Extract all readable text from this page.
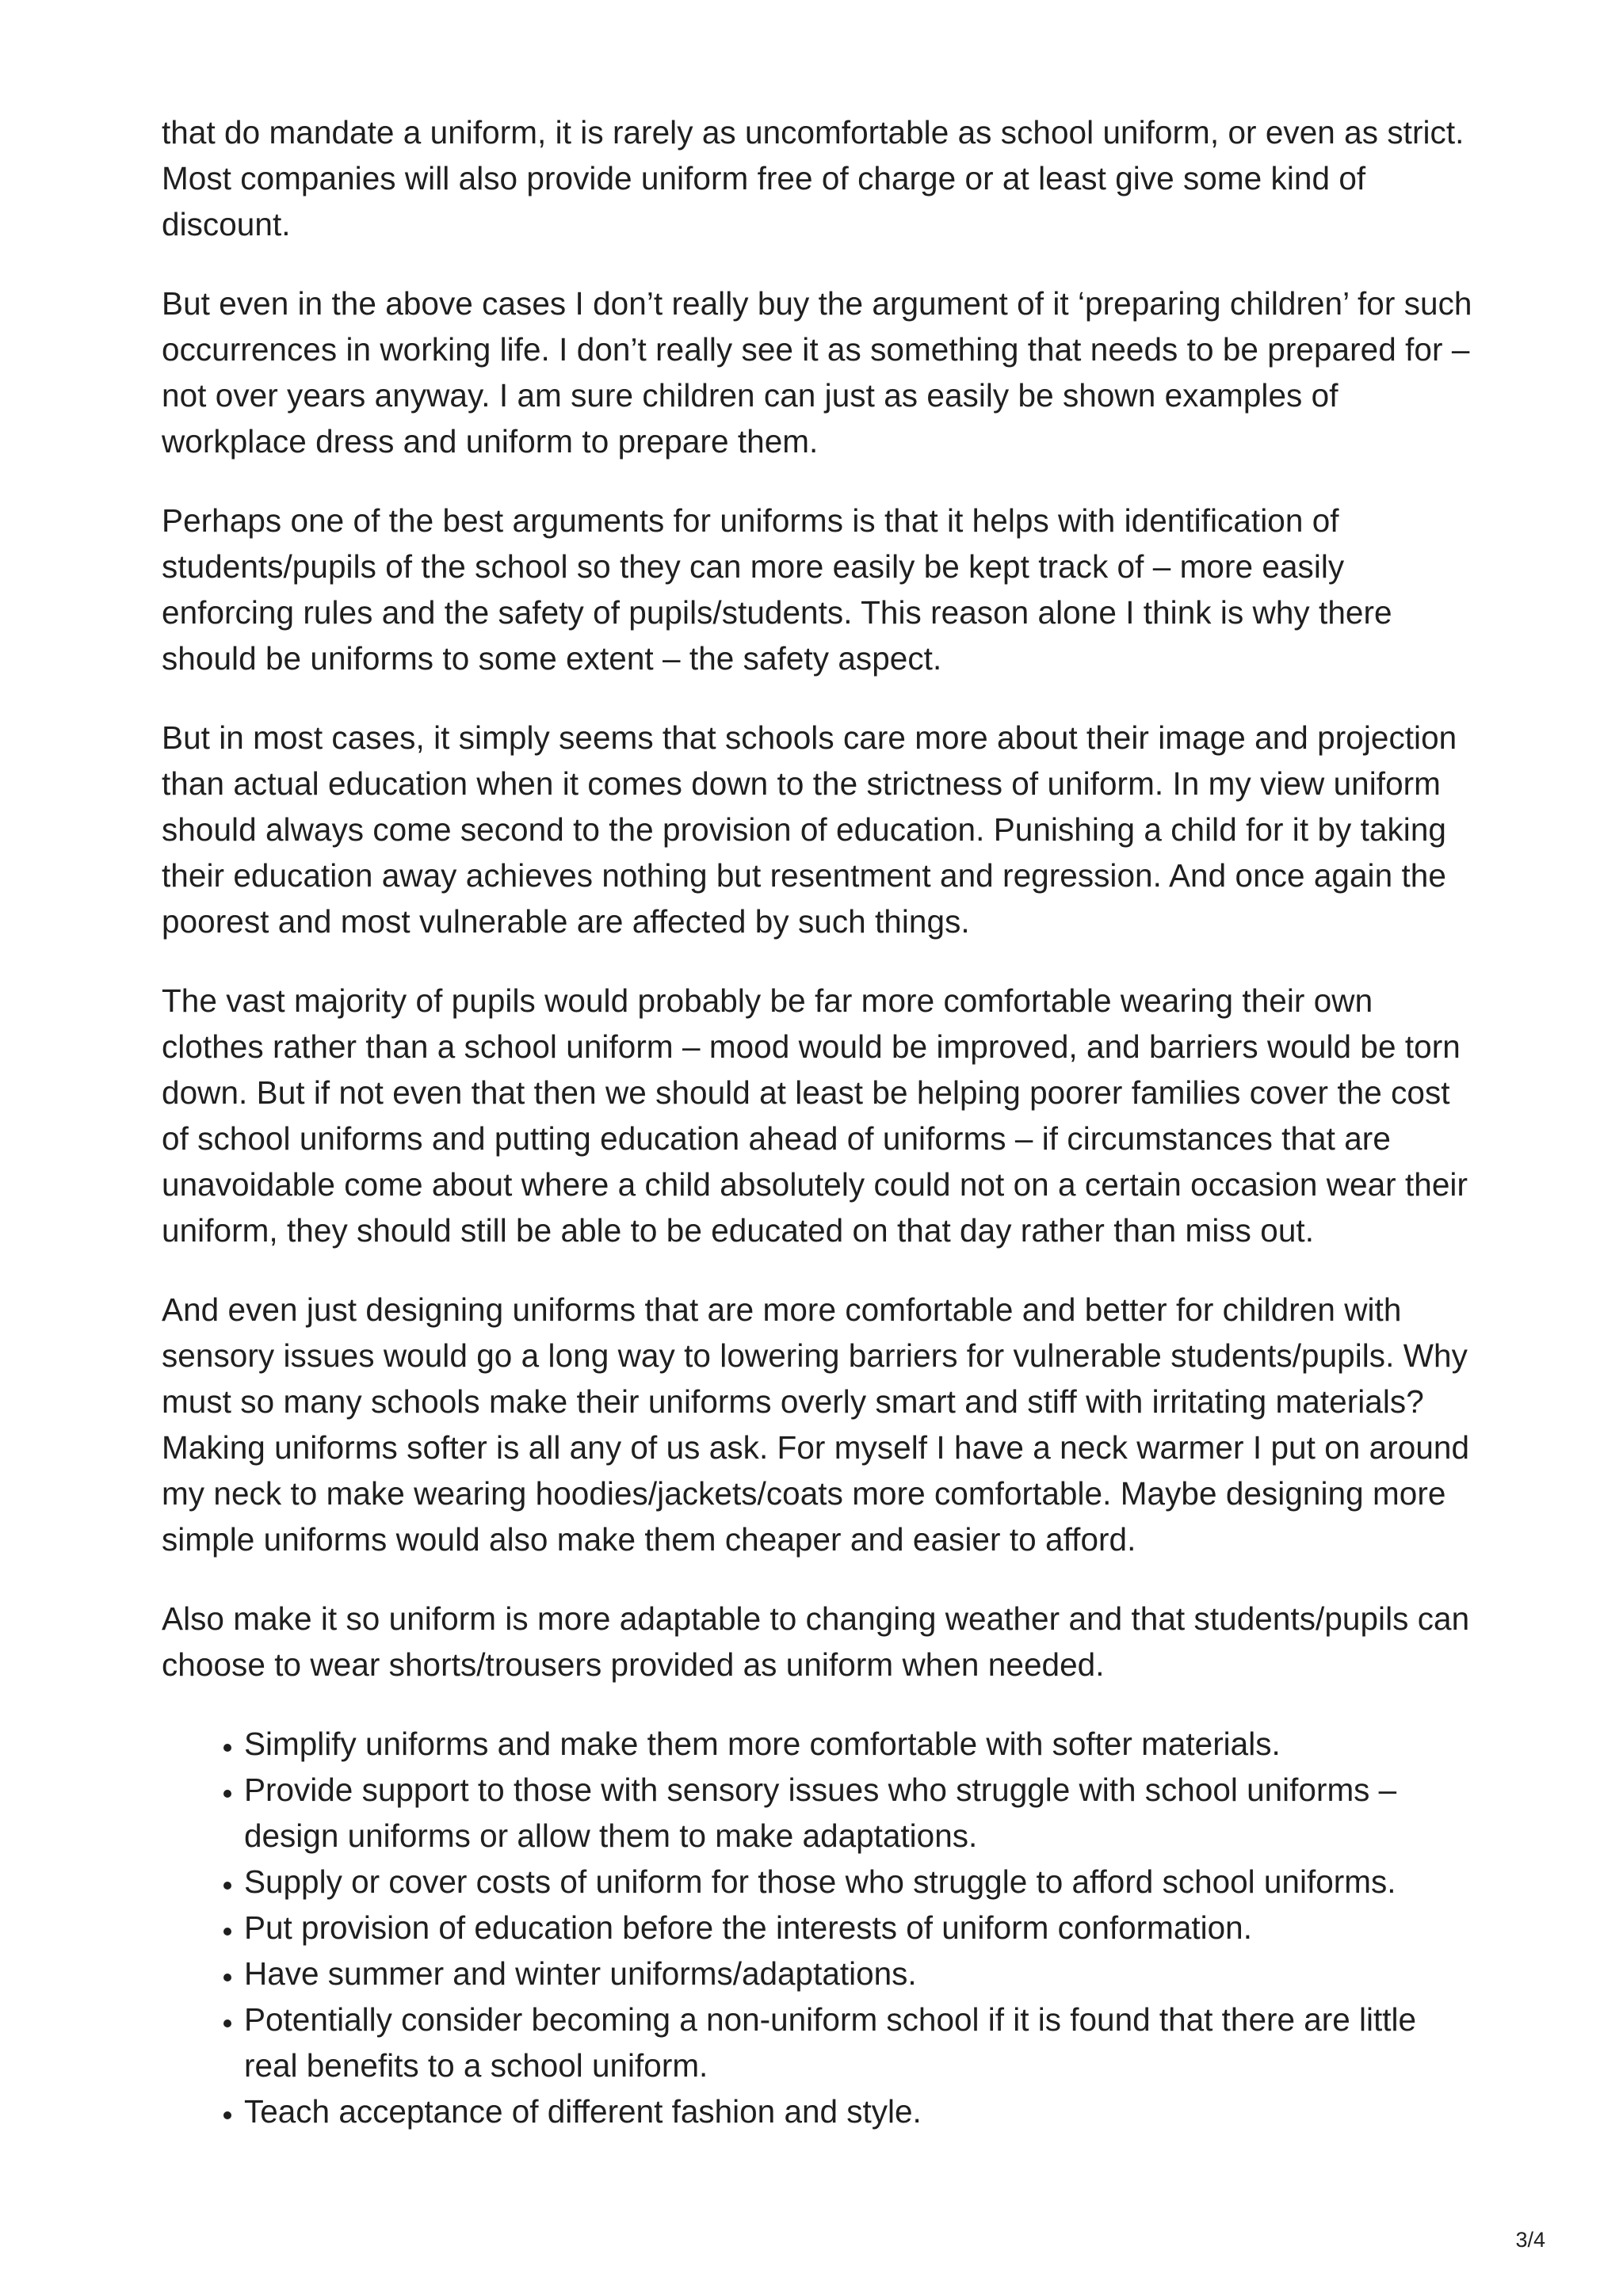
that do mandate a uniform, it is rarely as uncomfortable as school uniform, or even as strict. Most companies will also provide uniform free of charge or at least give some kind of discount.

But even in the above cases I don’t really buy the argument of it ‘preparing children’ for such occurrences in working life. I don’t really see it as something that needs to be prepared for – not over years anyway. I am sure children can just as easily be shown examples of workplace dress and uniform to prepare them.

Perhaps one of the best arguments for uniforms is that it helps with identification of students/pupils of the school so they can more easily be kept track of – more easily enforcing rules and the safety of pupils/students. This reason alone I think is why there should be uniforms to some extent – the safety aspect.

But in most cases, it simply seems that schools care more about their image and projection than actual education when it comes down to the strictness of uniform. In my view uniform should always come second to the provision of education. Punishing a child for it by taking their education away achieves nothing but resentment and regression. And once again the poorest and most vulnerable are affected by such things.

The vast majority of pupils would probably be far more comfortable wearing their own clothes rather than a school uniform – mood would be improved, and barriers would be torn down. But if not even that then we should at least be helping poorer families cover the cost of school uniforms and putting education ahead of uniforms – if circumstances that are unavoidable come about where a child absolutely could not on a certain occasion wear their uniform, they should still be able to be educated on that day rather than miss out.

And even just designing uniforms that are more comfortable and better for children with sensory issues would go a long way to lowering barriers for vulnerable students/pupils. Why must so many schools make their uniforms overly smart and stiff with irritating materials? Making uniforms softer is all any of us ask. For myself I have a neck warmer I put on around my neck to make wearing hoodies/jackets/coats more comfortable. Maybe designing more simple uniforms would also make them cheaper and easier to afford.

Also make it so uniform is more adaptable to changing weather and that students/pupils can choose to wear shorts/trousers provided as uniform when needed.

• Simplify uniforms and make them more comfortable with softer materials.
• Provide support to those with sensory issues who struggle with school uniforms – design uniforms or allow them to make adaptations.
• Supply or cover costs of uniform for those who struggle to afford school uniforms.
• Put provision of education before the interests of uniform conformation.
• Have summer and winter uniforms/adaptations.
• Potentially consider becoming a non-uniform school if it is found that there are little real benefits to a school uniform.
• Teach acceptance of different fashion and style.
3/4
